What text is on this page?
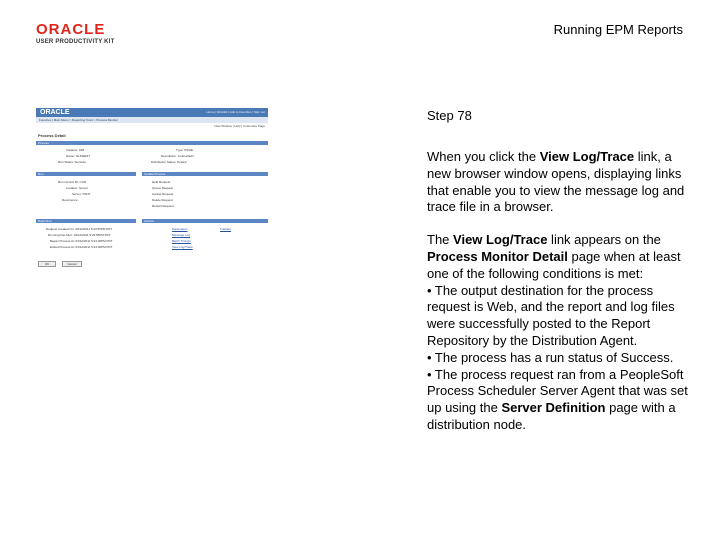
ORACLE
USER PRODUCTIVITY KIT
Running EPM Reports
ORACLE	Home | Worklist | Add to Favorites | Sign out
Favorites | Main Menu > Reporting Tools > Process Monitor
New Window | Help | Customize Page
Process Detail
Process
Instance: 948
Name: GLPJEDIT
Run Status: Success
Type: PS/AE
Description: Journal Edit
Distribution Status: Posted
Run	Update Process
Run Control ID: CUR
Location: Server
Server: PSNT
Recurrence:
Hold Request
Queue Request
Cancel Request
Delete Request
Restart Request
Date/Time	Actions
Request Created On: 03/12/2011 5:23:55PM PDT
Run Anytime After: 03/12/2011 5:23:55PM PDT
Began Process At: 03/12/2011 5:24:00PM PDT
Ended Process At: 03/12/2011 5:24:06PM PDT
Parameters	Transfer
Message Log
Batch Timings
View Log/Trace
OK	Cancel
Step 78

When you click the View Log/Trace link, a new browser window opens, displaying links that enable you to view the message log and trace file in a browser.

The View Log/Trace link appears on the Process Monitor Detail page when at least one of the following conditions is met:
• The output destination for the process request is Web, and the report and log files were successfully posted to the Report Repository by the Distribution Agent.
• The process has a run status of Success.
• The process request ran from a PeopleSoft Process Scheduler Server Agent that was set up using the Server Definition page with a distribution node.
